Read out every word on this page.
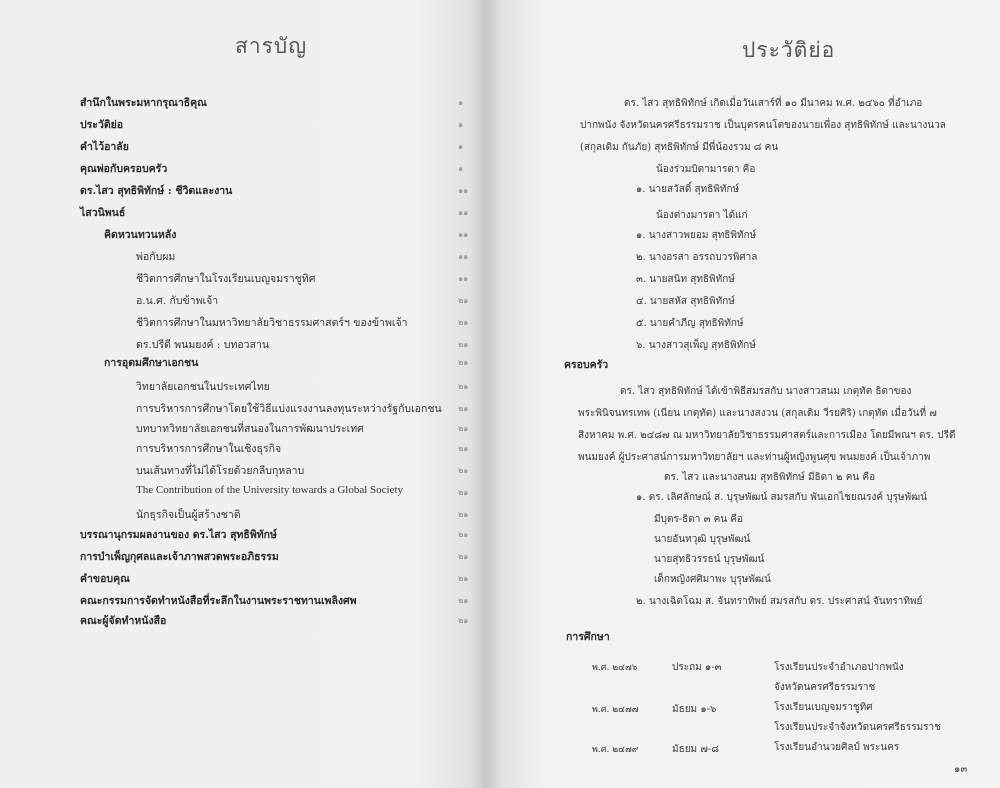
สารบัญ
สำนึกในพระมหากรุณาธิคุณ	๑
ประวัติย่อ	๑
คำไว้อาลัย	๑
คุณพ่อกับครอบครัว	๑
ดร.ไสว สุทธิพิทักษ์ : ชีวิตและงาน	๑๑
ไสวนิพนธ์	๑๑
คิดหวนทวนหลัง	๑๑
พ่อกับผม	๑๑
ชีวิตการศึกษาในโรงเรียนเบญจมราชูทิศ	๑๑
อ.น.ศ. กับข้าพเจ้า	๒๑
ชีวิตการศึกษาในมหาวิทยาลัยวิชาธรรมศาสตร์ฯ ของข้าพเจ้า	๒๑
ดร.ปรีดี พนมยงค์ : บทอวสาน	๒๑
การอุดมศึกษาเอกชน	๒๑
วิทยาลัยเอกชนในประเทศไทย	๒๑
การบริหารการศึกษาโดยใช้วิธีแบ่งแรงงานลงทุนระหว่างรัฐกับเอกชน ๒๑
บทบาทวิทยาลัยเอกชนที่สนองในการพัฒนาประเทศ	๒๑
การบริหารการศึกษาในเชิงธุรกิจ	๒๑
บนเส้นทางที่ไม่ได้โรยด้วยกลีบกุหลาบ	๒๑
The Contribution of the University towards a Global Society	๒๑
นักธุรกิจเป็นผู้สร้างชาติ	๒๑
บรรณานุกรมผลงานของ ดร.ไสว สุทธิพิทักษ์	๒๑
การบำเพ็ญกุศลและเจ้าภาพสวดพระอภิธรรม	๒๑
คำขอบคุณ	๒๑
คณะกรรมการจัดทำหนังสือที่ระลึกในงานพระราชทานเพลิงศพ	๒๑
คณะผู้จัดทำหนังสือ	๒๑
ประวัติย่อ
ดร. ไสว สุทธิพิทักษ์ เกิดเมื่อวันเสาร์ที่ ๑๐ มีนาคม พ.ศ. ๒๔๖๐ ที่อำเภอ
ปากพนัง จังหวัดนครศรีธรรมราช เป็นบุตรคนโตของนายเพื่อง สุทธิพิทักษ์ และนางนวล
(สกุลเดิม กันภัย) สุทธิพิทักษ์ มีพี่น้องรวม ๘ คน
น้องร่วมบิดามารดา คือ
๑. นายสวัสดิ์ สุทธิพิทักษ์
น้องต่างมารดา ได้แก่
๑. นางสาวพยอม สุทธิพิทักษ์
๒. นางอรสา อรรถบวรพิศาล
๓. นายสนิท สุทธิพิทักษ์
๔. นายสหัส สุทธิพิทักษ์
๕. นายคำภีญ สุทธิพิทักษ์
๖. นางสาวสุเพ็ญ สุทธิพิทักษ์
ครอบครัว
ดร. ไสว สุทธิพิทักษ์ ได้เข้าพิธีสมรสกับ นางสาวสนม เกตุทัต ธิดาของ
พระพินิจนทรเทพ (เนียน เกตุทัต) และนางสงวน (สกุลเดิม วีรยศิริ) เกตุทัต เมื่อวันที่ ๗
สิงหาคม พ.ศ. ๒๔๘๗ ณ มหาวิทยาลัยวิชาธรรมศาสตร์และการเมือง โดยมีพณฯ ดร. ปรีดี
พนมยงค์ ผู้ประศาสน์การมหาวิทยาลัยฯ และท่านผู้หญิงพูนศุข พนมยงค์ เป็นเจ้าภาพ
ดร. ไสว และนางสนม สุทธิพิทักษ์ มีธิดา ๒ คน คือ
๑. ดร. เลิศลักษณ์ ส. บุรุษพัฒน์ สมรสกับ พันเอกไชยณรงค์ บุรุษพัฒน์
มีบุตร-ธิดา ๓ คน คือ
นายอันทวุฒิ บุรุษพัฒน์
นายสุทธิวรรธน์ บุรุษพัฒน์
เด็กหญิงศศิมาพะ บุรุษพัฒน์
๒. นางเฉิดโฉม ส. จันทราทิพย์ สมรสกับ ดร. ประศาสน์ จันทราทิพย์
การศึกษา
พ.ศ. ๒๔๗๖	ประถม ๑-๓	โรงเรียนประจำอำเภอปากพนัง
จังหวัดนครศรีธรรมราช
พ.ศ. ๒๔๗๗	มัธยม ๑-๖	โรงเรียนเบญจมราชูทิศ
โรงเรียนประจำจังหวัดนครศรีธรรมราช
พ.ศ. ๒๔๗๙	มัธยม ๗-๘	โรงเรียนอำนวยศิลป์ พระนคร
๑๓
